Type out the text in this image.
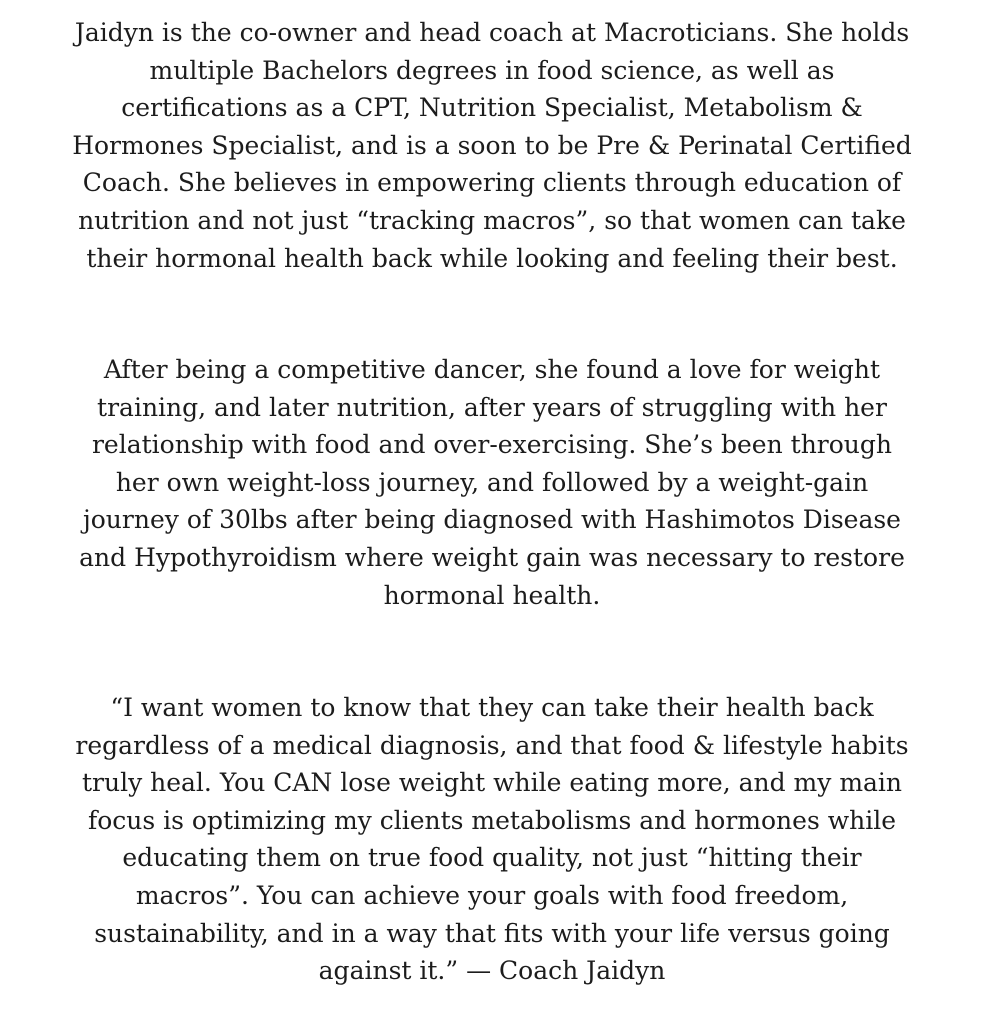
Jaidyn is the co-owner and head coach at Macroticians. She holds
multiple Bachelors degrees in food science, as well as
certifications as a CPT, Nutrition Specialist, Metabolism &
Hormones Specialist, and is a soon to be Pre & Perinatal Certified
Coach. She believes in empowering clients through education of
nutrition and not just “tracking macros”, so that women can take
their hormonal health back while looking and feeling their best.

After being a competitive dancer, she found a love for weight
training, and later nutrition, after years of struggling with her
relationship with food and over-exercising. She’s been through
her own weight-loss journey, and followed by a weight-gain
journey of 30lbs after being diagnosed with Hashimotos Disease
and Hypothyroidism where weight gain was necessary to restore
hormonal health.

“I want women to know that they can take their health back
regardless of a medical diagnosis, and that food & lifestyle habits
truly heal. You CAN lose weight while eating more, and my main
focus is optimizing my clients metabolisms and hormones while
educating them on true food quality, not just “hitting their
macros”. You can achieve your goals with food freedom,
sustainability, and in a way that fits with your life versus going
against it.” — Coach Jaidyn
